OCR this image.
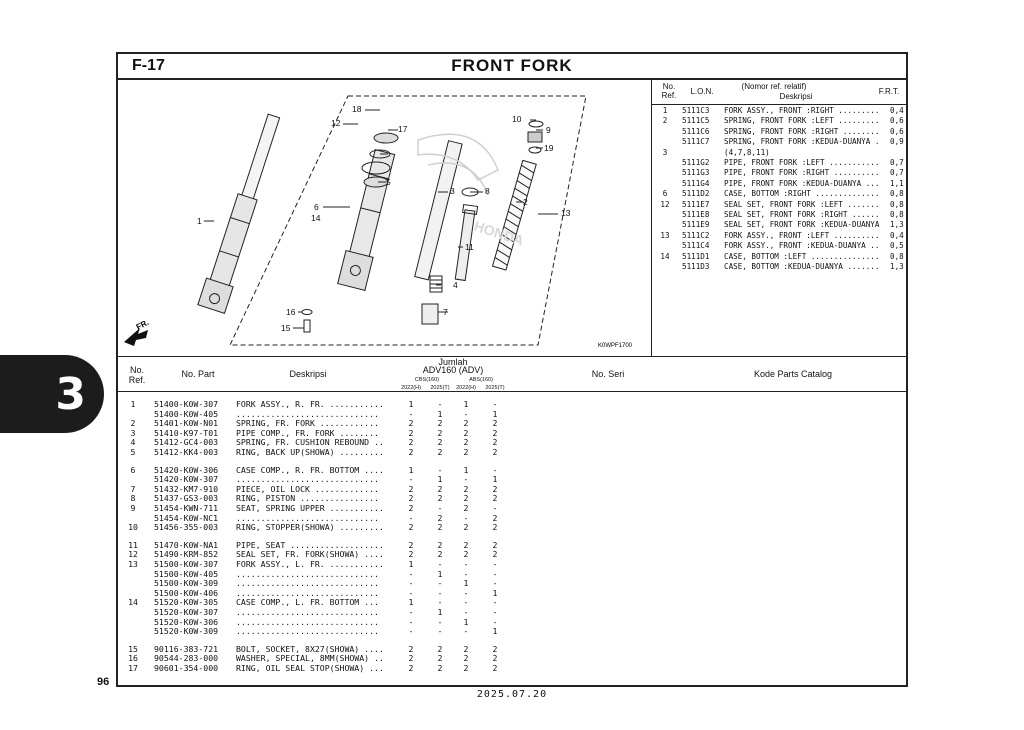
F-17	FRONT FORK
HONDA
18
12
17
5
3
10
9
19
8
2
13
6
14
1
11
4
7
16
15
FR.
K0WPF1700
No.
Ref.	L.O.N.
(Nomor ref. relatif)
Deskripsi
F.R.T.
1	5111C3 FORK ASSY., FRONT :RIGHT ......... 0,4
2	5111C5 SPRING, FRONT FORK :LEFT ......... 0,6
5111C6 SPRING, FRONT FORK :RIGHT ........ 0,6
5111C7 SPRING, FRONT FORK :KEDUA-DUANYA . 0,9
3	(4,7,8,11)
5111G2 PIPE, FRONT FORK :LEFT ........... 0,7
5111G3 PIPE, FRONT FORK :RIGHT .......... 0,7
5111G4 PIPE, FRONT FORK :KEDUA-DUANYA ... 1,1
6	5111D2 CASE, BOTTOM :RIGHT .............. 0,8
12	5111E7 SEAL SET, FRONT FORK :LEFT ....... 0,8
5111E8 SEAL SET, FRONT FORK :RIGHT ...... 0,8
5111E9 SEAL SET, FRONT FORK :KEDUA-DUANYA 1,3
13	5111C2 FORK ASSY., FRONT :LEFT .......... 0,4
5111C4 FORK ASSY., FRONT :KEDUA-DUANYA .. 0,5
14	5111D1 CASE, BOTTOM :LEFT ............... 0,8
5111D3 CASE, BOTTOM :KEDUA-DUANYA ....... 1,3
No.
Ref.
No. Part	Deskripsi
Jumlah
ADV160 (ADV)
CBS(160)	ABS(160)
2022(H)	2025(T)	2022(H)	2025(T)
No. Seri	Kode Parts Catalog
1	51400-K0W-307 FORK ASSY., R. FR. ...........	1	-	1	-
51400-K0W-405 .............................	-	1	-	1
2	51401-K0W-N01 SPRING, FR. FORK ............	2	2	2	2
3	51410-K97-T01 PIPE COMP., FR. FORK ........	2	2	2	2
4	51412-GC4-003 SPRING, FR. CUSHION REBOUND ..	2	2	2	2
5	51412-KK4-003 RING, BACK UP(SHOWA) .........	2	2	2	2
6	51420-K0W-306 CASE COMP., R. FR. BOTTOM ....	1	-	1	-
51420-K0W-307 .............................	-	1	-	1
7	51432-KM7-910 PIECE, OIL LOCK .............	2	2	2	2
8	51437-GS3-003 RING, PISTON ................	2	2	2	2
9	51454-KWN-711 SEAT, SPRING UPPER ...........	2	-	2	-
51454-K0W-NC1 .............................	-	2	-	2
10	51456-355-003 RING, STOPPER(SHOWA) .........	2	2	2	2
11	51470-K0W-NA1 PIPE, SEAT ...................	2	2	2	2
12	51490-KRM-852 SEAL SET, FR. FORK(SHOWA) ....	2	2	2	2
13	51500-K0W-307 FORK ASSY., L. FR. ...........	1	-	-	-
51500-K0W-405 .............................	-	1	-	-
51500-K0W-309 .............................	-	-	1	-
51500-K0W-406 .............................	-	-	-	1
14	51520-K0W-305 CASE COMP., L. FR. BOTTOM ...	1	-	-	-
51520-K0W-307 .............................	-	1	-	-
51520-K0W-306 .............................	-	-	1	-
51520-K0W-309 .............................	-	-	-	1
15	90116-383-721 BOLT, SOCKET, 8X27(SHOWA) ....	2	2	2	2
16	90544-283-000 WASHER, SPECIAL, 8MM(SHOWA) ..	2	2	2	2
17	90601-354-000 RING, OIL SEAL STOP(SHOWA) ...	2	2	2	2
3
96
2025.07.20
